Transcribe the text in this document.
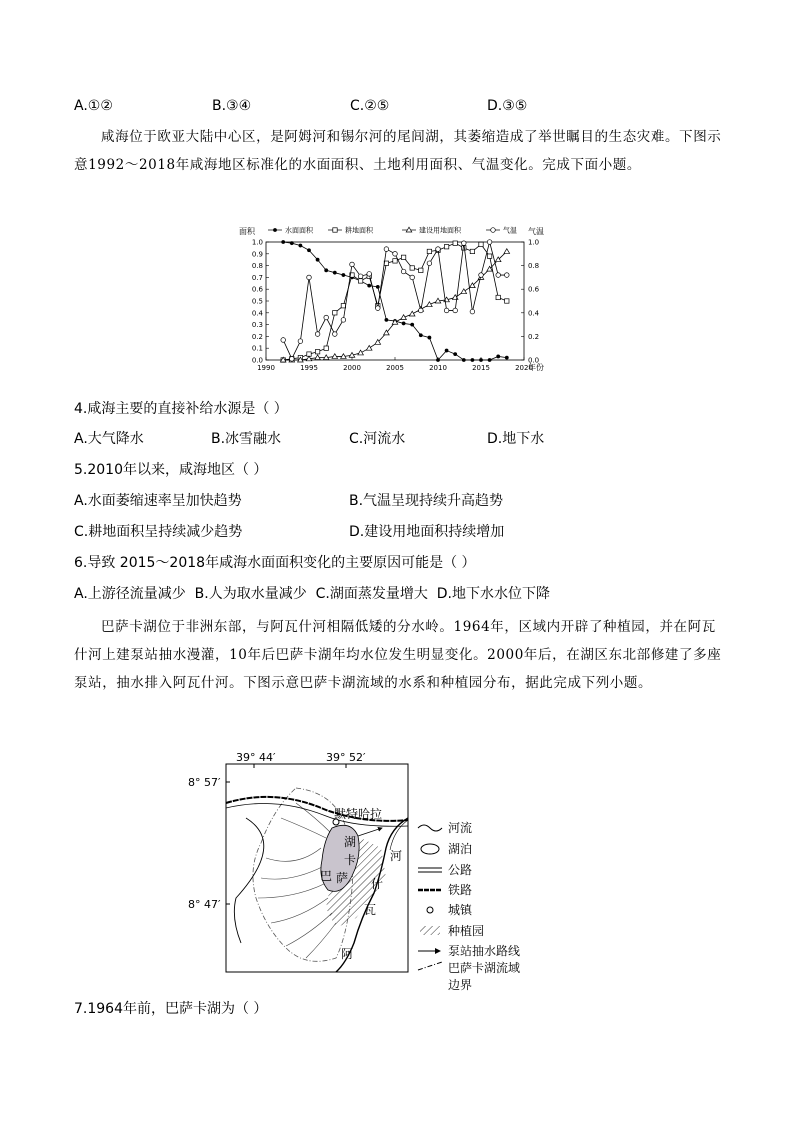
A.①②	B.③④	C.②⑤	D.③⑤
咸海位于欧亚大陆中心区，是阿姆河和锡尔河的尾闾湖，其萎缩造成了举世瞩目的生态灾难。下图示意1992～2018年咸海地区标准化的水面面积、土地利用面积、气温变化。完成下面小题。
0.0
0.1
0.2
0.3
0.4
0.5
0.6
0.7
0.8
0.9
1.0
0.0
0.2
0.4
0.6
0.8
1.0
1990	1995	2000	2005	2010	2015	2020
面积	气温
年份
水面面积	耕地面积	建设用地面积	气温
4.咸海主要的直接补给水源是（ ）
A.大气降水	B.冰雪融水	C.河流水	D.地下水
5.2010年以来，咸海地区（ ）
A.水面萎缩速率呈加快趋势	B.气温呈现持续升高趋势
C.耕地面积呈持续减少趋势	D.建设用地面积持续增加
6.导致 2015～2018年咸海水面面积变化的主要原因可能是（ ）
A.上游径流量减少  B.人为取水量减少  C.湖面蒸发量增大  D.地下水水位下降
巴萨卡湖位于非洲东部，与阿瓦什河相隔低矮的分水岭。1964年，区域内开辟了种植园，并在阿瓦什河上建泵站抽水漫灌，10年后巴萨卡湖年均水位发生明显变化。2000年后，在湖区东北部修建了多座泵站，抽水排入阿瓦什河。下图示意巴萨卡湖流域的水系和种植园分布，据此完成下列小题。
39° 44′	39° 52′
8° 57′
8° 47′
默特哈拉
湖
卡
萨
巴
河
什
瓦
阿
河流
湖泊
公路
铁路
城镇
种植园
泵站抽水路线
巴萨卡湖流域
边界
7.1964年前，巴萨卡湖为（ ）
